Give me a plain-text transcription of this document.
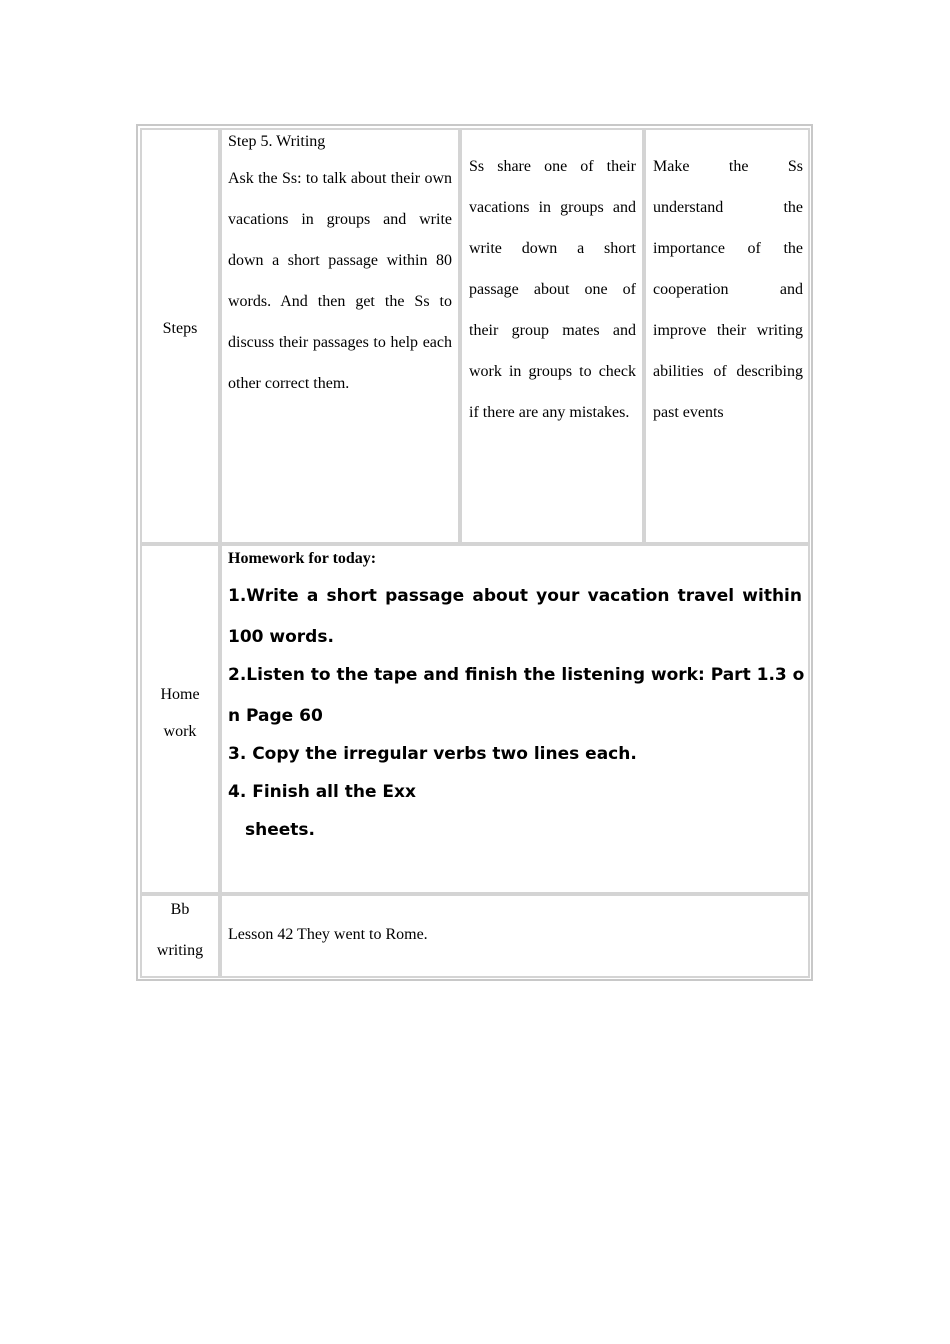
Steps
Step 5. Writing
Ask the Ss: to talk about their own vacations in groups and write down a short passage within 80 words. And then get the Ss to discuss their passages to help each other correct them.
Ss share one of their vacations in groups and write down a short passage about one of their group mates and work in groups to check if there are any mistakes.
Make the Ss understand the importance of the cooperation and improve their writing abilities of describing past events
Home
work
Homework for today:
1.Write a short passage about your vacation travel within
100 words.
2.Listen to the tape and finish the listening work: Part 1.3 o
n Page 60
3. Copy the irregular verbs two lines each.
4. Finish all the Exx
sheets.
Bb
writing
Lesson 42 They went to Rome.
